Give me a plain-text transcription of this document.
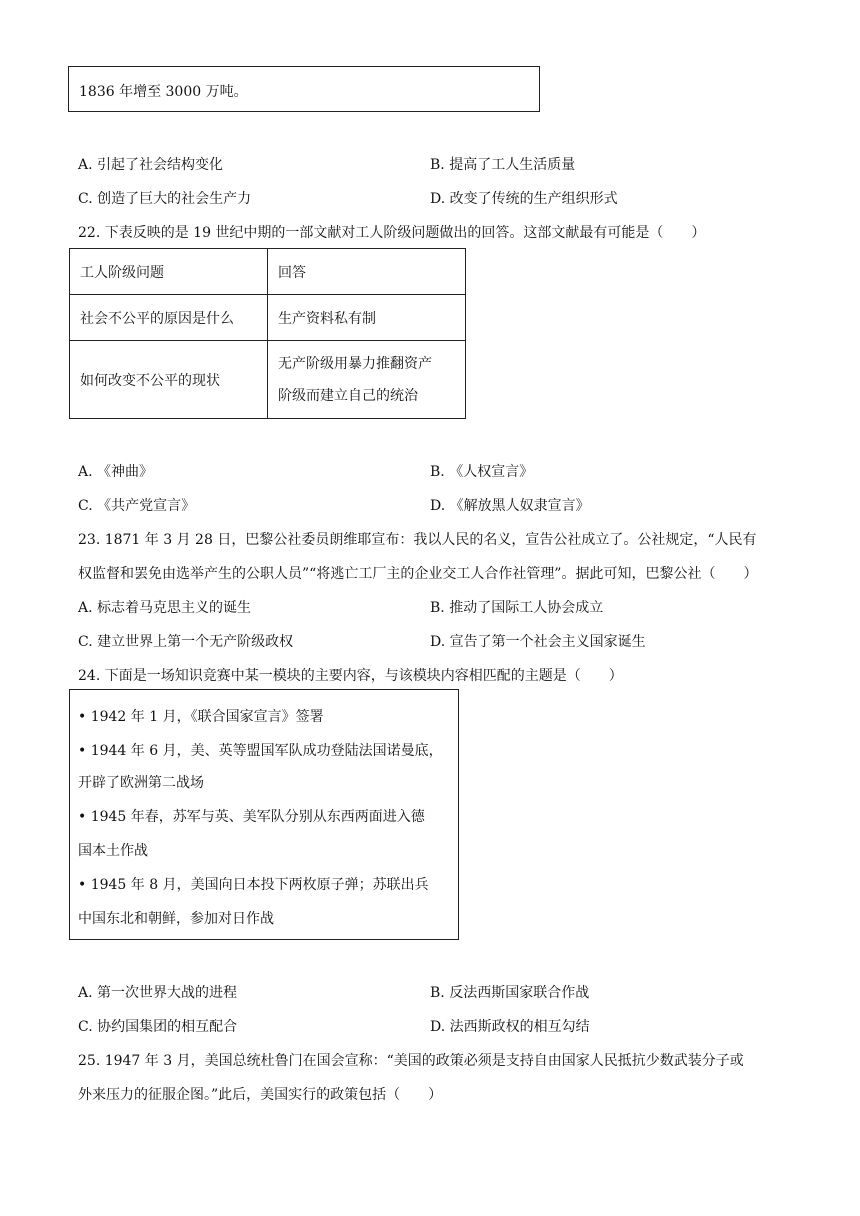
1836 年增至 3000 万吨。
A. 引起了社会结构变化	B. 提高了工人生活质量
C. 创造了巨大的社会生产力	D. 改变了传统的生产组织形式
22. 下表反映的是 19 世纪中期的一部文献对工人阶级问题做出的回答。这部文献最有可能是（　　）
工人阶级问题	回答
社会不公平的原因是什么	生产资料私有制
如何改变不公平的现状	无产阶级用暴力推翻资产
阶级而建立自己的统治
A. 《神曲》	B. 《人权宣言》
C. 《共产党宣言》	D. 《解放黑人奴隶宣言》
23. 1871 年 3 月 28 日，巴黎公社委员朗维耶宣布：我以人民的名义，宣告公社成立了。公社规定，“人民有
权监督和罢免由选举产生的公职人员”“将逃亡工厂主的企业交工人合作社管理”。据此可知，巴黎公社（　　）
A. 标志着马克思主义的诞生	B. 推动了国际工人协会成立
C. 建立世界上第一个无产阶级政权	D. 宣告了第一个社会主义国家诞生
24. 下面是一场知识竞赛中某一模块的主要内容，与该模块内容相匹配的主题是（　　）
• 1942 年 1 月，《联合国家宣言》签署
• 1944 年 6 月，美、英等盟国军队成功登陆法国诺曼底，
开辟了欧洲第二战场
• 1945 年春，苏军与英、美军队分别从东西两面进入德
国本土作战
• 1945 年 8 月，美国向日本投下两枚原子弹；苏联出兵
中国东北和朝鲜，参加对日作战
A. 第一次世界大战的进程	B. 反法西斯国家联合作战
C. 协约国集团的相互配合	D. 法西斯政权的相互勾结
25. 1947 年 3 月，美国总统杜鲁门在国会宣称：“美国的政策必须是支持自由国家人民抵抗少数武装分子或
外来压力的征服企图。”此后，美国实行的政策包括（　　）
